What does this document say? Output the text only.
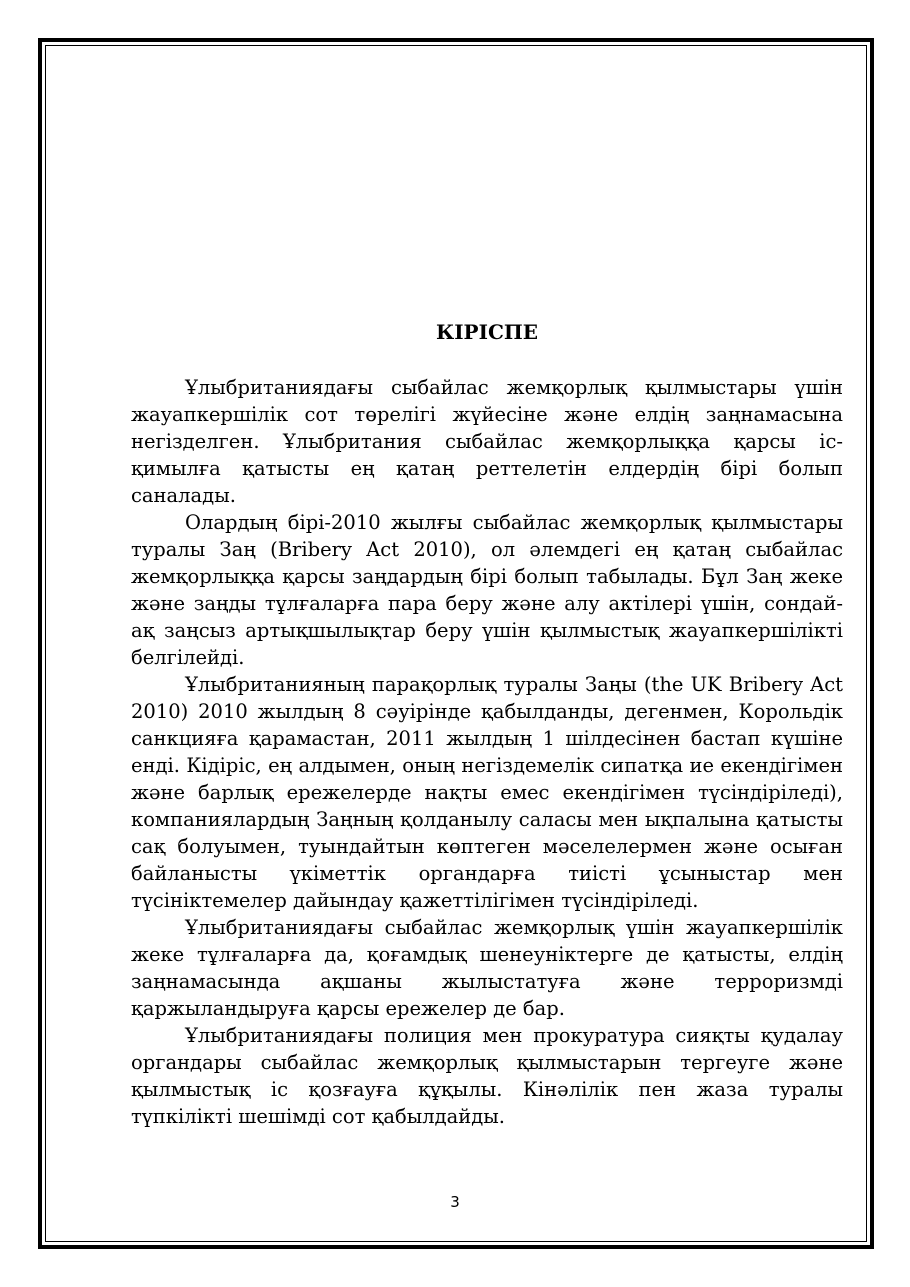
КІРІСПЕ

Ұлыбританиядағы сыбайлас жемқорлық қылмыстары үшін жауапкершілік сот төрелігі жүйесіне және елдің заңнамасына негізделген. Ұлыбритания сыбайлас жемқорлыққа қарсы іс-қимылға қатысты ең қатаң реттелетін елдердің бірі болып саналады.

Олардың бірі-2010 жылғы сыбайлас жемқорлық қылмыстары туралы Заң (Bribery Act 2010), ол әлемдегі ең қатаң сыбайлас жемқорлыққа қарсы заңдардың бірі болып табылады. Бұл Заң жеке және заңды тұлғаларға пара беру және алу актілері үшін, сондай-ақ заңсыз артықшылықтар беру үшін қылмыстық жауапкершілікті белгілейді.

Ұлыбританияның парақорлық туралы Заңы (the UK Bribery Act 2010) 2010 жылдың 8 сәуірінде қабылданды, дегенмен, Корольдік санкцияға қарамастан, 2011 жылдың 1 шілдесінен бастап күшіне енді. Кідіріс, ең алдымен, оның негіздемелік сипатқа ие екендігімен және барлық ережелерде нақты емес екендігімен түсіндіріледі), компаниялардың Заңның қолданылу саласы мен ықпалына қатысты сақ болуымен, туындайтын көптеген мәселелермен және осыған байланысты үкіметтік органдарға тиісті ұсыныстар мен түсініктемелер дайындау қажеттілігімен түсіндіріледі.

Ұлыбританиядағы сыбайлас жемқорлық үшін жауапкершілік жеке тұлғаларға да, қоғамдық шенеуніктерге де қатысты, елдің заңнамасында ақшаны жылыстатуға және терроризмді қаржыландыруға қарсы ережелер де бар.

Ұлыбританиядағы полиция мен прокуратура сияқты қудалау органдары сыбайлас жемқорлық қылмыстарын тергеуге және қылмыстық іс қозғауға құқылы. Кінәлілік пен жаза туралы түпкілікті шешімді сот қабылдайды.

3
